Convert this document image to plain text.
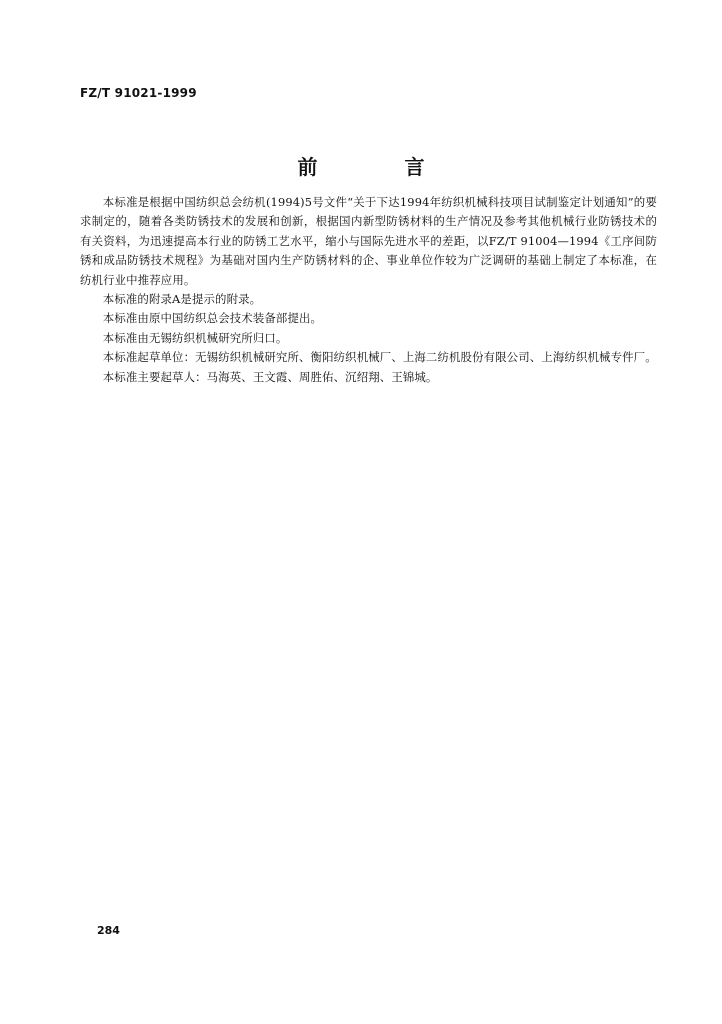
FZ/T 91021-1999
前 言

本标准是根据中国纺织总会纺机(1994)5号文件“关于下达1994年纺织机械科技项目试制鉴定计划通知”的要求制定的，随着各类防锈技术的发展和创新，根据国内新型防锈材料的生产情况及参考其他机械行业防锈技术的有关资料，为迅速提高本行业的防锈工艺水平，缩小与国际先进水平的差距，以FZ/T 91004—1994《工序间防锈和成品防锈技术规程》为基础对国内生产防锈材料的企、事业单位作较为广泛调研的基础上制定了本标准，在纺机行业中推荐应用。

本标准的附录A是提示的附录。

本标准由原中国纺织总会技术装备部提出。

本标准由无锡纺织机械研究所归口。

本标准起草单位：无锡纺织机械研究所、衡阳纺织机械厂、上海二纺机股份有限公司、上海纺织机械专件厂。

本标准主要起草人：马海英、王文霞、周胜佑、沉绍翔、王锦城。

284
